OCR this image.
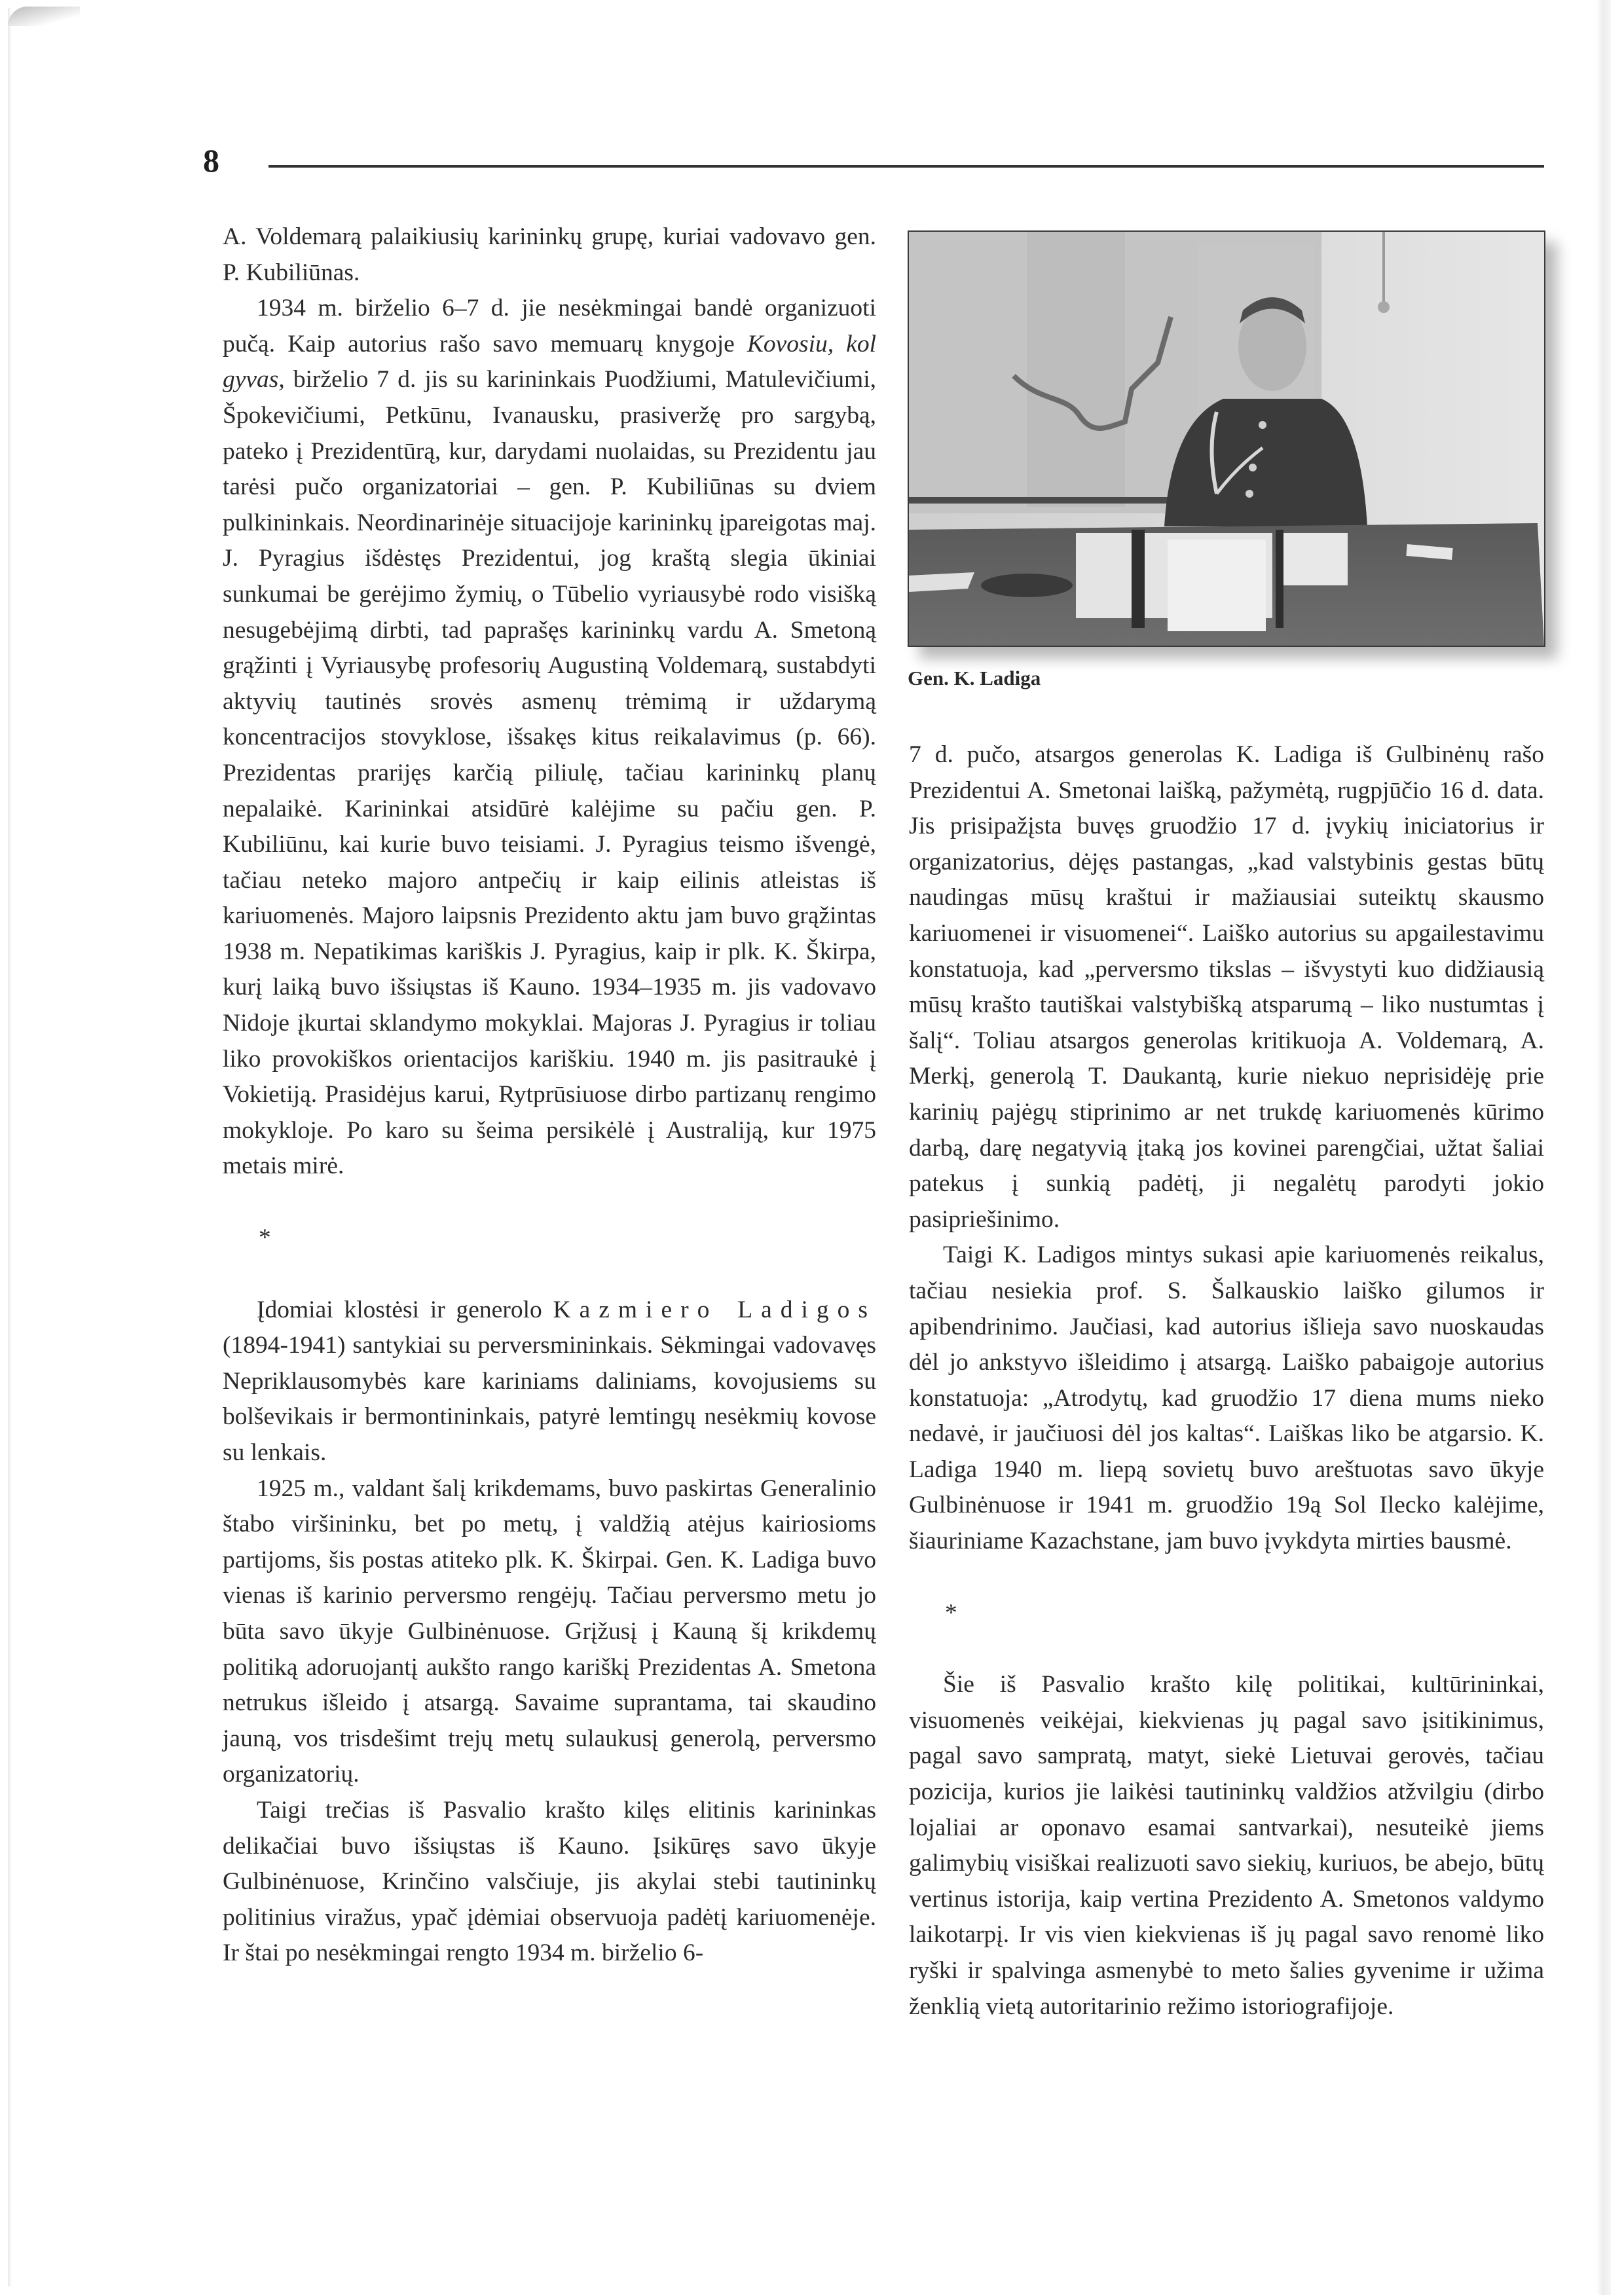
8

A. Voldemarą palaikiusių karininkų grupę, kuriai vadovavo gen. P. Kubiliūnas.

1934 m. birželio 6–7 d. jie nesėkmingai bandė organizuoti pučą. Kaip autorius rašo savo memuarų knygoje Kovosiu, kol gyvas, birželio 7 d. jis su karininkais Puodžiumi, Matulevičiumi, Špokevičiumi, Petkūnu, Ivanausku, prasiveržę pro sargybą, pateko į Prezidentūrą, kur, darydami nuolaidas, su Prezidentu jau tarėsi pučo organizatoriai – gen. P. Kubiliūnas su dviem pulkininkais. Neordinarinėje situacijoje karininkų įpareigotas maj. J. Pyragius išdėstęs Prezidentui, jog kraštą slegia ūkiniai sunkumai be gerėjimo žymių, o Tūbelio vyriausybė rodo visišką nesugebėjimą dirbti, tad paprašęs karininkų vardu A. Smetoną grąžinti į Vyriausybę profesorių Augustiną Voldemarą, sustabdyti aktyvių tautinės srovės asmenų trėmimą ir uždarymą koncentracijos stovyklose, išsakęs kitus reikalavimus (p. 66). Prezidentas prarijęs karčią piliulę, tačiau karininkų planų nepalaikė. Karininkai atsidūrė kalėjime su pačiu gen. P. Kubiliūnu, kai kurie buvo teisiami. J. Pyragius teismo išvengė, tačiau neteko majoro antpečių ir kaip eilinis atleistas iš kariuomenės. Majoro laipsnis Prezidento aktu jam buvo grąžintas 1938 m. Nepatikimas kariškis J. Pyragius, kaip ir plk. K. Škirpa, kurį laiką buvo išsiųstas iš Kauno. 1934–1935 m. jis vadovavo Nidoje įkurtai sklandymo mokyklai. Majoras J. Pyragius ir toliau liko provokiškos orientacijos kariškiu. 1940 m. jis pasitraukė į Vokietiją. Prasidėjus karui, Rytprūsiuose dirbo partizanų rengimo mokykloje. Po karo su šeima persikėlė į Australiją, kur 1975 metais mirė.

*

Įdomiai klostėsi ir generolo Kazmiero Ladigos (1894-1941) santykiai su perversmininkais. Sėkmingai vadovavęs Nepriklausomybės kare kariniams daliniams, kovojusiems su bolševikais ir bermontininkais, patyrė lemtingų nesėkmių kovose su lenkais.

1925 m., valdant šalį krikdemams, buvo paskirtas Generalinio štabo viršininku, bet po metų, į valdžią atėjus kairiosioms partijoms, šis postas atiteko plk. K. Škirpai. Gen. K. Ladiga buvo vienas iš karinio perversmo rengėjų. Tačiau perversmo metu jo būta savo ūkyje Gulbinėnuose. Grįžusį į Kauną šį krikdemų politiką adoruojantį aukšto rango kariškį Prezidentas A. Smetona netrukus išleido į atsargą. Savaime suprantama, tai skaudino jauną, vos trisdešimt trejų metų sulaukusį generolą, perversmo organizatorių.

Taigi trečias iš Pasvalio krašto kilęs elitinis karininkas delikačiai buvo išsiųstas iš Kauno. Įsikūręs savo ūkyje Gulbinėnuose, Krinčino valsčiuje, jis akylai stebi tautininkų politinius viražus, ypač įdėmiai observuoja padėtį kariuomenėje. Ir štai po nesėkmingai rengto 1934 m. birželio 6-

Gen. K. Ladiga

7 d. pučo, atsargos generolas K. Ladiga iš Gulbinėnų rašo Prezidentui A. Smetonai laišką, pažymėtą, rugpjūčio 16 d. data. Jis prisipažįsta buvęs gruodžio 17 d. įvykių iniciatorius ir organizatorius, dėjęs pastangas, „kad valstybinis gestas būtų naudingas mūsų kraštui ir mažiausiai suteiktų skausmo kariuomenei ir visuomenei“. Laiško autorius su apgailestavimu konstatuoja, kad „perversmo tikslas – išvystyti kuo didžiausią mūsų krašto tautiškai valstybišką atsparumą – liko nustumtas į šalį“. Toliau atsargos generolas kritikuoja A. Voldemarą, A. Merkį, generolą T. Daukantą, kurie niekuo neprisidėję prie karinių pajėgų stiprinimo ar net trukdę kariuomenės kūrimo darbą, darę negatyvią įtaką jos kovinei parengčiai, užtat šaliai patekus į sunkią padėtį, ji negalėtų parodyti jokio pasipriešinimo.

Taigi K. Ladigos mintys sukasi apie kariuomenės reikalus, tačiau nesiekia prof. S. Šalkauskio laiško gilumos ir apibendrinimo. Jaučiasi, kad autorius išlieja savo nuoskaudas dėl jo ankstyvo išleidimo į atsargą. Laiško pabaigoje autorius konstatuoja: „Atrodytų, kad gruodžio 17 diena mums nieko nedavė, ir jaučiuosi dėl jos kaltas“. Laiškas liko be atgarsio. K. Ladiga 1940 m. liepą sovietų buvo areštuotas savo ūkyje Gulbinėnuose ir 1941 m. gruodžio 19ą Sol Ilecko kalėjime, šiauriniame Kazachstane, jam buvo įvykdyta mirties bausmė.

*

Šie iš Pasvalio krašto kilę politikai, kultūrininkai, visuomenės veikėjai, kiekvienas jų pagal savo įsitikinimus, pagal savo sampratą, matyt, siekė Lietuvai gerovės, tačiau pozicija, kurios jie laikėsi tautininkų valdžios atžvilgiu (dirbo lojaliai ar oponavo esamai santvarkai), nesuteikė jiems galimybių visiškai realizuoti savo siekių, kuriuos, be abejo, būtų vertinus istorija, kaip vertina Prezidento A. Smetonos valdymo laikotarpį. Ir vis vien kiekvienas iš jų pagal savo renomė liko ryški ir spalvinga asmenybė to meto šalies gyvenime ir užima ženklią vietą autoritarinio režimo istoriografijoje.
